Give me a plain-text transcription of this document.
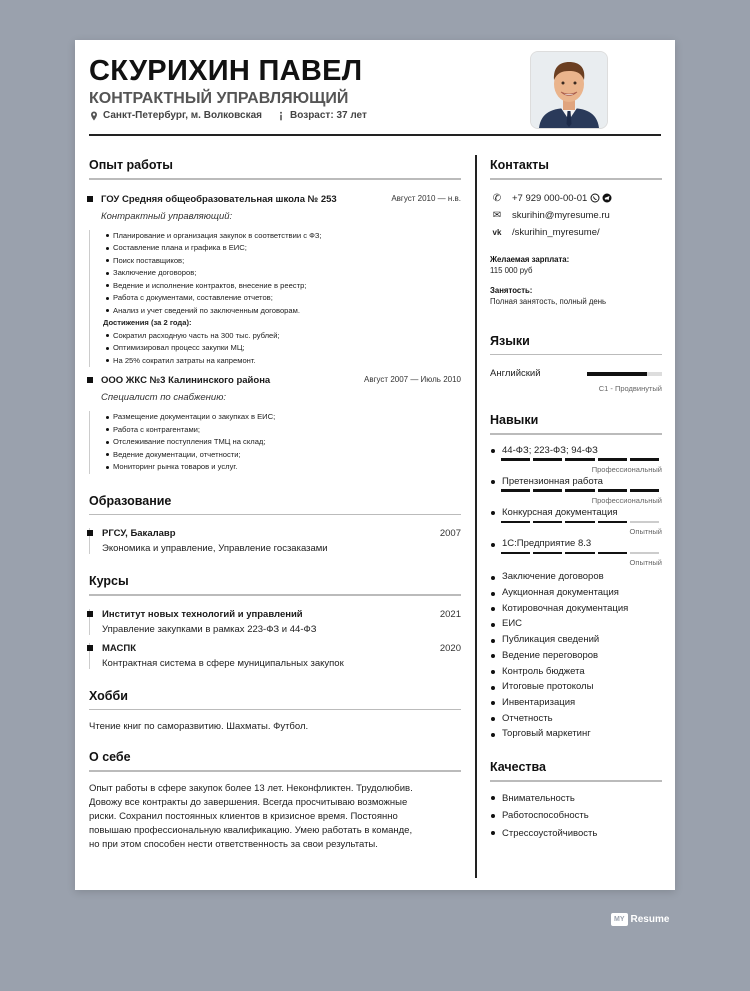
СКУРИХИН ПАВЕЛ
КОНТРАКТНЫЙ УПРАВЛЯЮЩИЙ
Санкт-Петербург, м. Волковская	Возраст: 37 лет
Опыт работы
ГОУ Средняя общеобразовательная школа № 253	Август 2010 — н.в.
Контрактный управляющий:
Планирование и организация закупок в соответствии с ФЗ;
Составление плана и графика в ЕИС;
Поиск поставщиков;
Заключение договоров;
Ведение и исполнение контрактов, внесение в реестр;
Работа с документами, составление отчетов;
Анализ и учет сведений по заключенным договорам.
Достижения (за 2 года):
Сократил расходную часть на 300 тыс. рублей;
Оптимизировал процесс закупки МЦ;
На 25% сократил затраты на капремонт.
ООО ЖКС №3 Калининского района	Август 2007 — Июль 2010
Специалист по снабжению:
Размещение документации о закупках в ЕИС;
Работа с контрагентами;
Отслеживание поступления ТМЦ на склад;
Ведение документации, отчетности;
Мониторинг рынка товаров и услуг.
Образование
РГСУ, Бакалавр	2007
Экономика и управление, Управление госзаказами
Курсы
Институт новых технологий и управлений	2021
Управление закупками в рамках 223-ФЗ и 44-ФЗ
МАСПК	2020
Контрактная система в сфере муниципальных закупок
Хобби
Чтение книг по саморазвитию. Шахматы. Футбол.
О себе
Опыт работы в сфере закупок более 13 лет. Неконфликтен. Трудолюбив.
Довожу все контракты до завершения. Всегда просчитываю возможные
риски. Сохранил постоянных клиентов в кризисное время. Постоянно
повышаю профессиональную квалификацию. Умею работать в команде,
но при этом способен нести ответственность за свои результаты.
Контакты
✆ +7 929 000-00-01
✉ skurihin@myresume.ru
vk /skurihin_myresume/
Желаемая зарплата:
115 000 руб
Занятость:
Полная занятость, полный день
Языки
Английский
C1 - Продвинутый
Навыки
44-ФЗ; 223-ФЗ; 94-ФЗ
Профессиональный
Претензионная работа
Профессиональный
Конкурсная документация
Опытный
1С:Предприятие 8.3
Опытный
Заключение договоров
Аукционная документация
Котировочная документация
ЕИС
Публикация сведений
Ведение переговоров
Контроль бюджета
Итоговые протоколы
Инвентаризация
Отчетность
Торговый маркетинг
Качества
Внимательность
Работоспособность
Стрессоустойчивость
MY Resume
